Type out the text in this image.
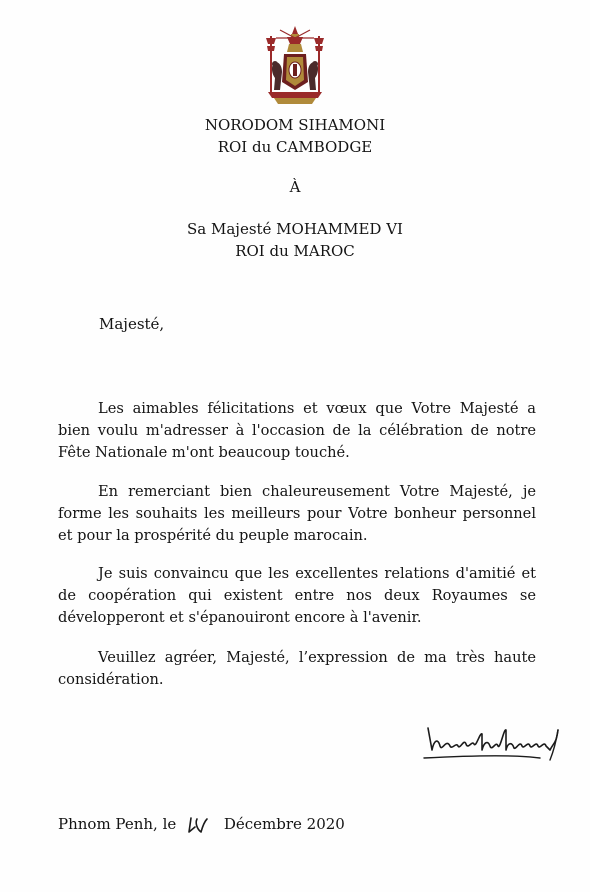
NORODOM SIHAMONI
ROI du CAMBODGE
À
Sa Majesté MOHAMMED VI
ROI du MAROC
Majesté,

Les aimables félicitations et vœux que Votre Majesté a bien voulu m'adresser à l'occasion de la célébration de notre Fête Nationale m'ont beaucoup touché.

En remerciant bien chaleureusement Votre Majesté, je forme les souhaits les meilleurs pour Votre bonheur personnel et pour la prospérité du peuple marocain.

Je suis convaincu que les excellentes relations d'amitié et de coopération qui existent entre nos deux Royaumes se développeront et s'épanouiront encore à l'avenir.

Veuillez agréer, Majesté, l’expression de ma très haute considération.

Phnom Penh, le	Décembre 2020
